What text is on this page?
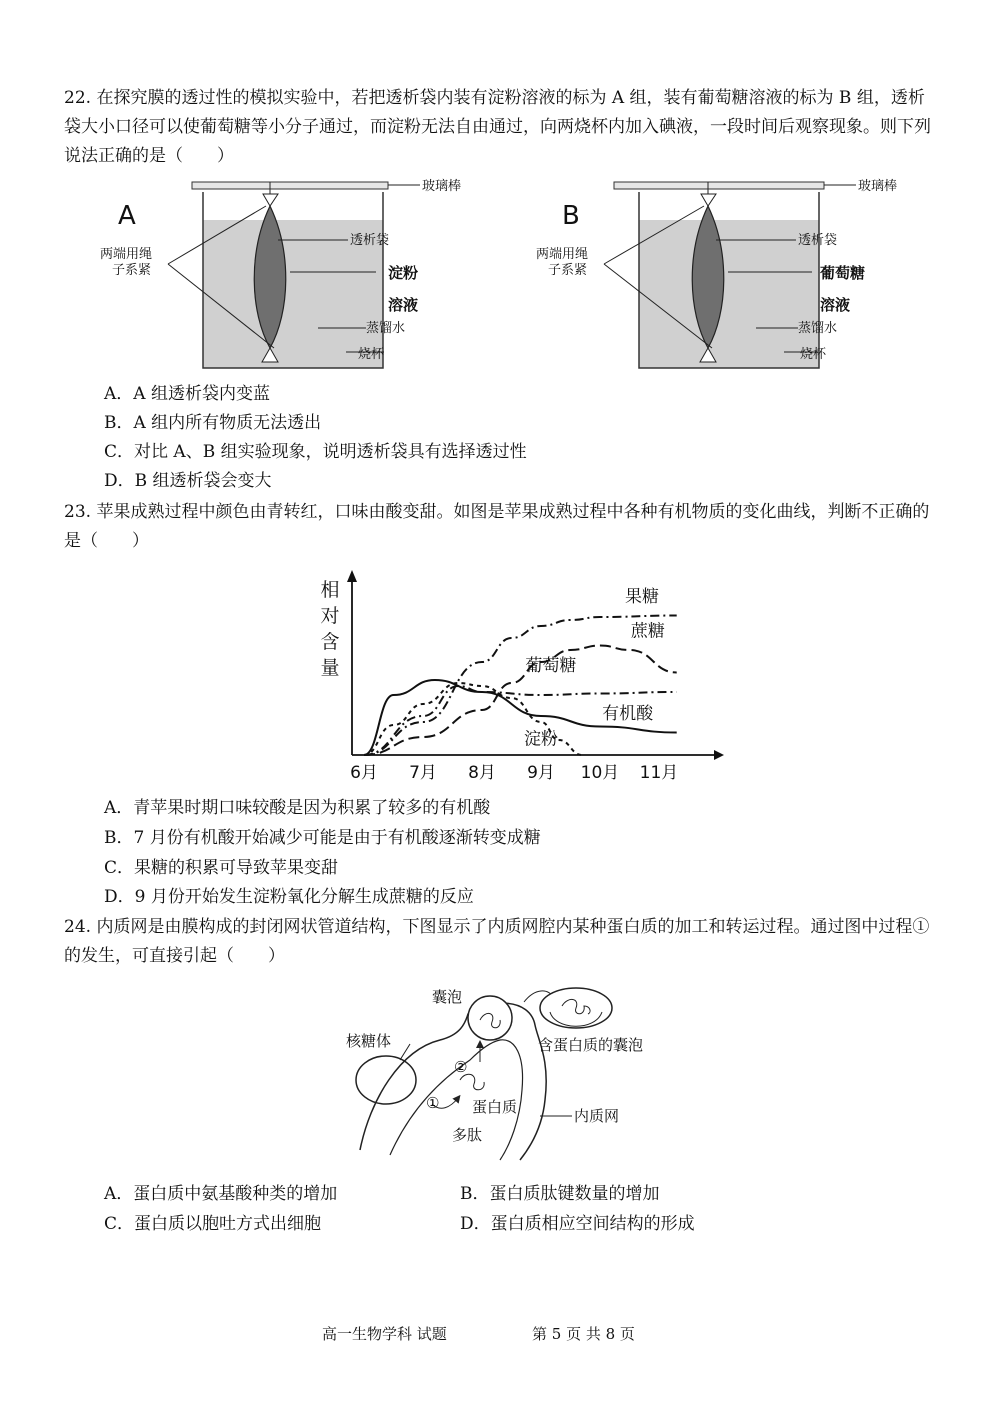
22. 在探究膜的透过性的模拟实验中，若把透析袋内装有淀粉溶液的标为 A 组，装有葡萄糖溶液的标为 B 组，透析袋大小口径可以使葡萄糖等小分子通过，而淀粉无法自由通过，向两烧杯内加入碘液，一段时间后观察现象。则下列说法正确的是（　　）

A
两端用绳
子系紧
玻璃棒
透析袋
淀粉
溶液
蒸馏水
烧杯
B
两端用绳
子系紧
玻璃棒
透析袋
葡萄糖
溶液
蒸馏水
烧杯
A．A 组透析袋内变蓝
B．A 组内所有物质无法透出
C．对比 A、B 组实验现象，说明透析袋具有选择透过性
D．B 组透析袋会变大

23. 苹果成熟过程中颜色由青转红，口味由酸变甜。如图是苹果成熟过程中各种有机物质的变化曲线，判断不正确的是（　　）

相
对
含
量
果糖
蔗糖
葡萄糖
有机酸
淀粉
6月 7月 8月 9月 10月 11月
A．青苹果时期口味较酸是因为积累了较多的有机酸
B．7 月份有机酸开始减少可能是由于有机酸逐渐转变成糖
C．果糖的积累可导致苹果变甜
D．9 月份开始发生淀粉氧化分解生成蔗糖的反应

24. 内质网是由膜构成的封闭网状管道结构，下图显示了内质网腔内某种蛋白质的加工和转运过程。通过图中过程①的发生，可直接引起（　　）

囊泡
核糖体	含蛋白质的囊泡
②
① 蛋白质	内质网
多肽
A．蛋白质中氨基酸种类的增加	B．蛋白质肽键数量的增加
C．蛋白质以胞吐方式出细胞	D．蛋白质相应空间结构的形成
高一生物学科 试题	第 5 页 共 8 页
